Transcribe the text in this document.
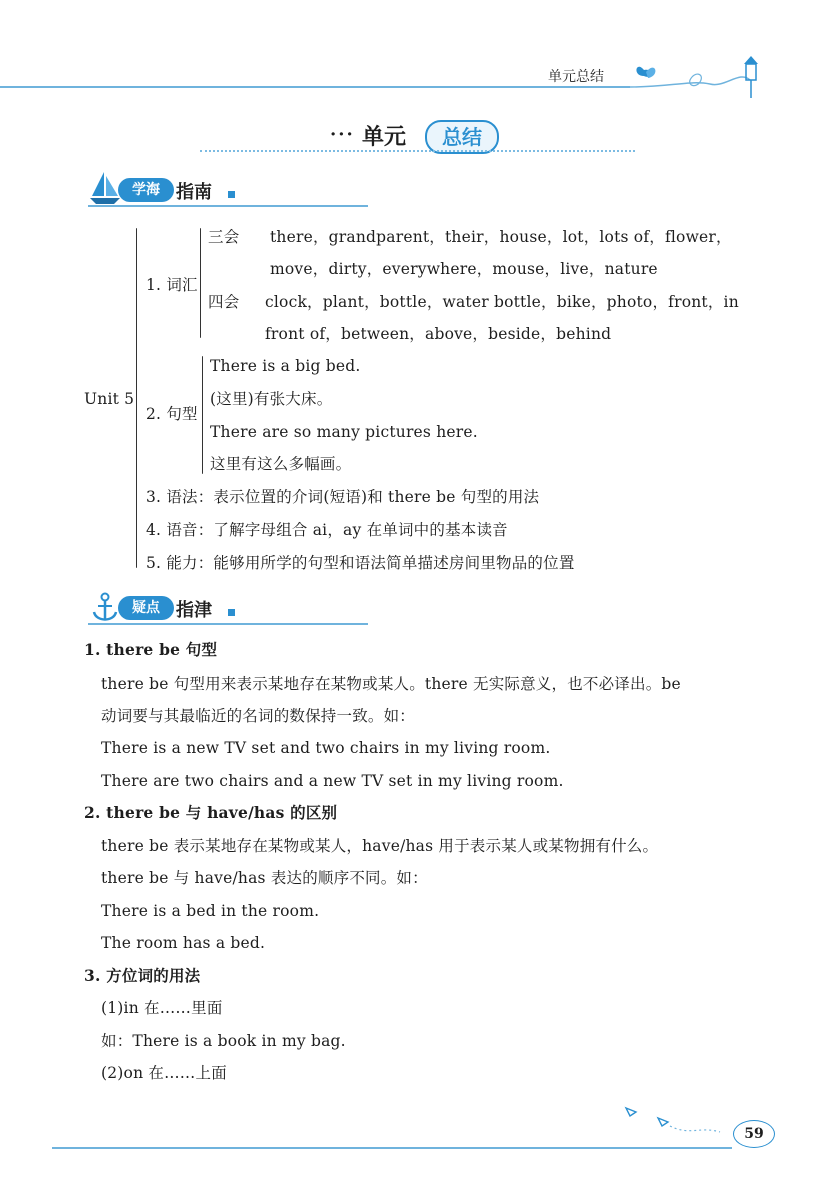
单元总结
··· 单元	总结
学海 指南
Unit 5
1. 词汇
三会 there，grandparent，their，house，lot，lots of，flower，
move，dirty，everywhere，mouse，live，nature
四会 clock，plant，bottle，water bottle，bike，photo，front，in
front of，between，above，beside，behind
2. 句型
There is a big bed.
(这里)有张大床。
There are so many pictures here.
这里有这么多幅画。
3. 语法：表示位置的介词(短语)和 there be 句型的用法
4. 语音：了解字母组合 ai，ay 在单词中的基本读音
5. 能力：能够用所学的句型和语法简单描述房间里物品的位置
疑点 指津
1. there be 句型
there be 句型用来表示某地存在某物或某人。there 无实际意义，也不必译出。be
动词要与其最临近的名词的数保持一致。如：
There is a new TV set and two chairs in my living room.
There are two chairs and a new TV set in my living room.
2. there be 与 have/has 的区别
there be 表示某地存在某物或某人，have/has 用于表示某人或某物拥有什么。
there be 与 have/has 表达的顺序不同。如：
There is a bed in the room.
The room has a bed.
3. 方位词的用法
(1)in 在……里面
如：There is a book in my bag.
(2)on 在……上面
59
